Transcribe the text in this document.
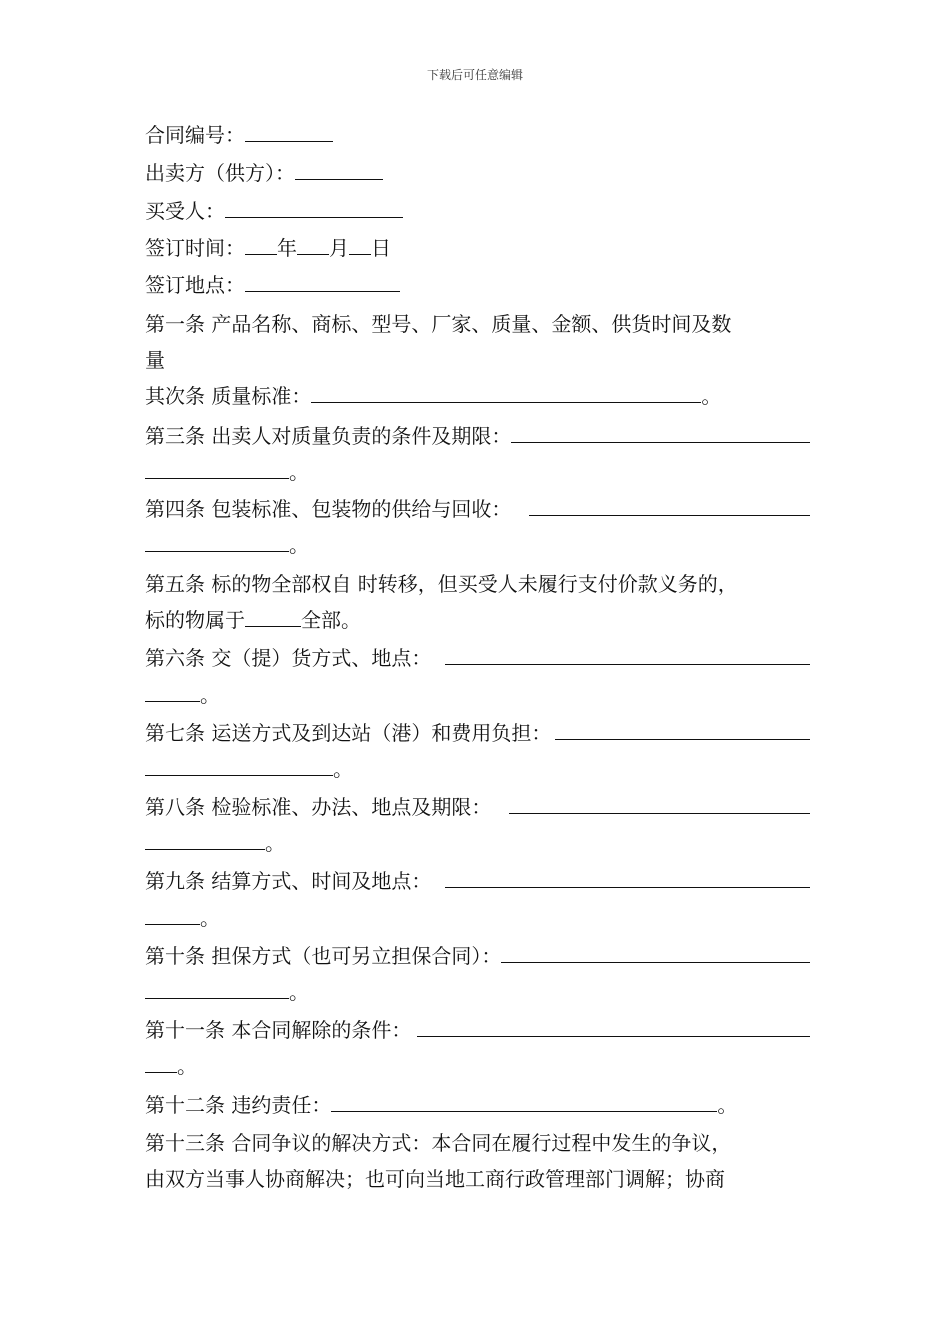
下载后可任意编辑
合同编号：
出卖方（供方）：
买受人：
签订时间： 年 月 日
签订地点：
第一条 产品名称、商标、型号、厂家、质量、金额、供货时间及数
量
其次条 质量标准：	。
第三条 出卖人对质量负责的条件及期限：
。
第四条 包装标准、包装物的供给与回收：
。
第五条 标的物全部权自 时转移，但买受人未履行支付价款义务的，
标的物属于	全部。
第六条 交（提）货方式、地点：
。
第七条 运送方式及到达站（港）和费用负担：
。
第八条 检验标准、办法、地点及期限：
。
第九条 结算方式、时间及地点：
。
第十条 担保方式（也可另立担保合同）：
。
第十一条 本合同解除的条件：
。
第十二条 违约责任：	。
第十三条 合同争议的解决方式：本合同在履行过程中发生的争议，
由双方当事人协商解决；也可向当地工商行政管理部门调解；协商
